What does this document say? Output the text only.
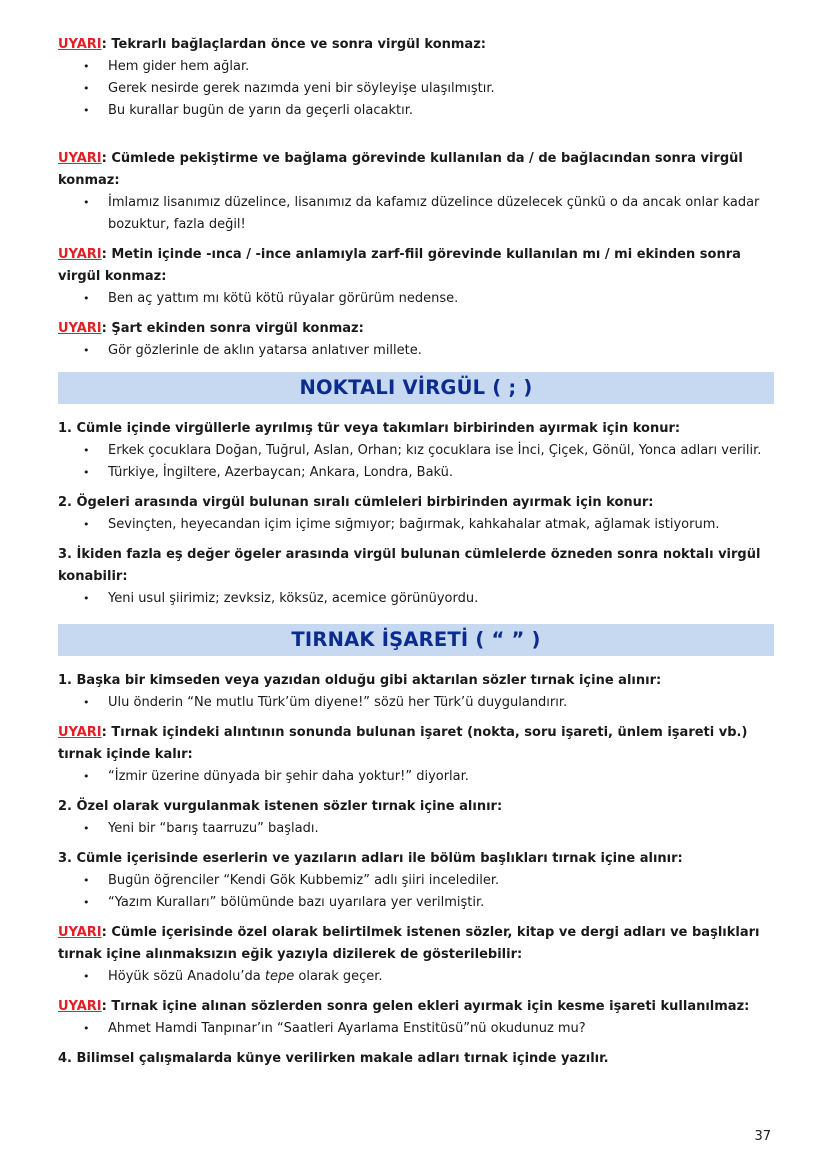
UYARI: Tekrarlı bağlaçlardan önce ve sonra virgül konmaz:

• Hem gider hem ağlar.
• Gerek nesirde gerek nazımda yeni bir söyleyişe ulaşılmıştır.
• Bu kurallar bugün de yarın da geçerli olacaktır.

UYARI: Cümlede pekiştirme ve bağlama görevinde kullanılan da / de bağlacından sonra virgül konmaz:

• İmlamız lisanımız düzelince, lisanımız da kafamız düzelince düzelecek çünkü o da ancak onlar kadar bozuktur, fazla değil!

UYARI: Metin içinde -ınca / -ince anlamıyla zarf-fiil görevinde kullanılan mı / mi ekinden sonra virgül konmaz:

• Ben aç yattım mı kötü kötü rüyalar görürüm nedense.

UYARI: Şart ekinden sonra virgül konmaz:

• Gör gözlerinle de aklın yatarsa anlatıver millete.
NOKTALI VİRGÜL ( ; )

1. Cümle içinde virgüllerle ayrılmış tür veya takımları birbirinden ayırmak için konur:

• Erkek çocuklara Doğan, Tuğrul, Aslan, Orhan; kız çocuklara ise İnci, Çiçek, Gönül, Yonca adları verilir.
• Türkiye, İngiltere, Azerbaycan; Ankara, Londra, Bakü.

2. Ögeleri arasında virgül bulunan sıralı cümleleri birbirinden ayırmak için konur:

• Sevinçten, heyecandan içim içime sığmıyor; bağırmak, kahkahalar atmak, ağlamak istiyorum.

3. İkiden fazla eş değer ögeler arasında virgül bulunan cümlelerde özneden sonra noktalı virgül konabilir:

• Yeni usul şiirimiz; zevksiz, köksüz, acemice görünüyordu.
TIRNAK İŞARETİ ( “ ” )

1. Başka bir kimseden veya yazıdan olduğu gibi aktarılan sözler tırnak içine alınır:

• Ulu önderin “Ne mutlu Türk’üm diyene!” sözü her Türk’ü duygulandırır.

UYARI: Tırnak içindeki alıntının sonunda bulunan işaret (nokta, soru işareti, ünlem işareti vb.) tırnak içinde kalır:

• “İzmir üzerine dünyada bir şehir daha yoktur!” diyorlar.

2. Özel olarak vurgulanmak istenen sözler tırnak içine alınır:

• Yeni bir “barış taarruzu” başladı.

3. Cümle içerisinde eserlerin ve yazıların adları ile bölüm başlıkları tırnak içine alınır:

• Bugün öğrenciler “Kendi Gök Kubbemiz” adlı şiiri incelediler.
• “Yazım Kuralları” bölümünde bazı uyarılara yer verilmiştir.

UYARI: Cümle içerisinde özel olarak belirtilmek istenen sözler, kitap ve dergi adları ve başlıkları tırnak içine alınmaksızın eğik yazıyla dizilerek de gösterilebilir:

• Höyük sözü Anadolu’da tepe olarak geçer.

UYARI: Tırnak içine alınan sözlerden sonra gelen ekleri ayırmak için kesme işareti kullanılmaz:

• Ahmet Hamdi Tanpınar’ın “Saatleri Ayarlama Enstitüsü”nü okudunuz mu?

4. Bilimsel çalışmalarda künye verilirken makale adları tırnak içinde yazılır.

37
